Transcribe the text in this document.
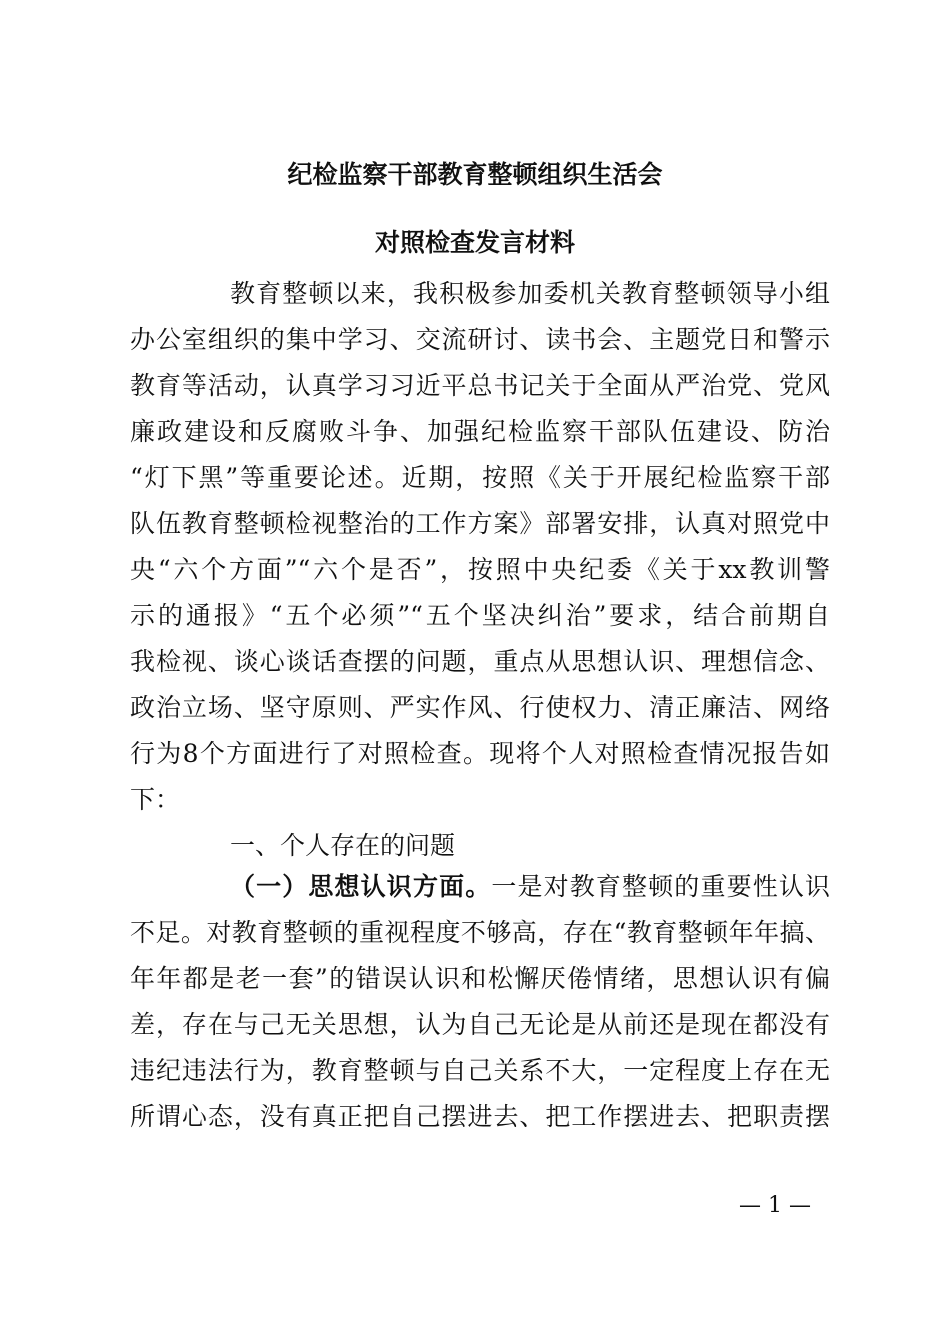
纪检监察干部教育整顿组织生活会
对照检查发言材料
教育整顿以来，我积极参加委机关教育整顿领导小组
办公室组织的集中学习、交流研讨、读书会、主题党日和警示
教育等活动，认真学习习近平总书记关于全面从严治党、党风
廉政建设和反腐败斗争、加强纪检监察干部队伍建设、防治
“灯下黑”等重要论述。近期，按照《关于开展纪检监察干部
队伍教育整顿检视整治的工作方案》部署安排，认真对照党中
央“六个方面”“六个是否”，按照中央纪委《关于xx教训警
示的通报》“五个必须”“五个坚决纠治”要求，结合前期自
我检视、谈心谈话查摆的问题，重点从思想认识、理想信念、
政治立场、坚守原则、严实作风、行使权力、清正廉洁、网络
行为8个方面进行了对照检查。现将个人对照检查情况报告如
下：
一、个人存在的问题
（一）思想认识方面。一是对教育整顿的重要性认识
不足。对教育整顿的重视程度不够高，存在“教育整顿年年搞、
年年都是老一套”的错误认识和松懈厌倦情绪，思想认识有偏
差，存在与己无关思想，认为自己无论是从前还是现在都没有
违纪违法行为，教育整顿与自己关系不大，一定程度上存在无
所谓心态，没有真正把自己摆进去、把工作摆进去、把职责摆
— 1 —
